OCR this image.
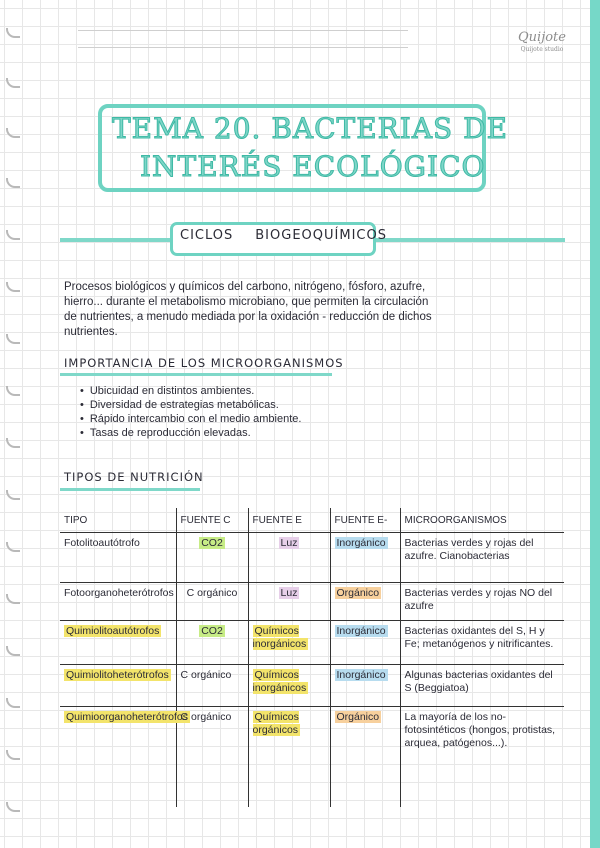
Quijote
Quijote studio
TEMA 20. BACTERIAS DE
INTERÉS ECOLÓGICO
CICLOS BIOGEOQUÍMICOS
Procesos biológicos y químicos del carbono, nitrógeno, fósforo, azufre,
hierro... durante el metabolismo microbiano, que permiten la circulación
de nutrientes, a menudo mediada por la oxidación - reducción de dichos
nutrientes.
IMPORTANCIA DE LOS MICROORGANISMOS
• Ubicuidad en distintos ambientes.
• Diversidad de estrategias metabólicas.
• Rápido intercambio con el medio ambiente.
• Tasas de reproducción elevadas.
TIPOS DE NUTRICIÓN
TIPO	FUENTE C	FUENTE E	FUENTE E-	MICROORGANISMOS
Fotolitoautótrofo	CO2	Luz	Inorgánico	Bacterias verdes y rojas del azufre. Cianobacterias
Fotoorganoheterótrofos	C orgánico	Luz	Orgánico	Bacterias verdes y rojas NO del azufre
Quimiolitoautótrofos	CO2	Químicos inorgánicos	Inorgánico	Bacterias oxidantes del S, H y Fe; metanógenos y nitrificantes.
Quimiolitoheterótrofos	C orgánico	Químicos inorgánicos	Inorgánico	Algunas bacterias oxidantes del S (Beggiatoa)
Quimioorganoheterótrofos	C orgánico	Químicos orgánicos	Orgánico	La mayoría de los no-fotosintéticos (hongos, protistas, arquea, patógenos...).
